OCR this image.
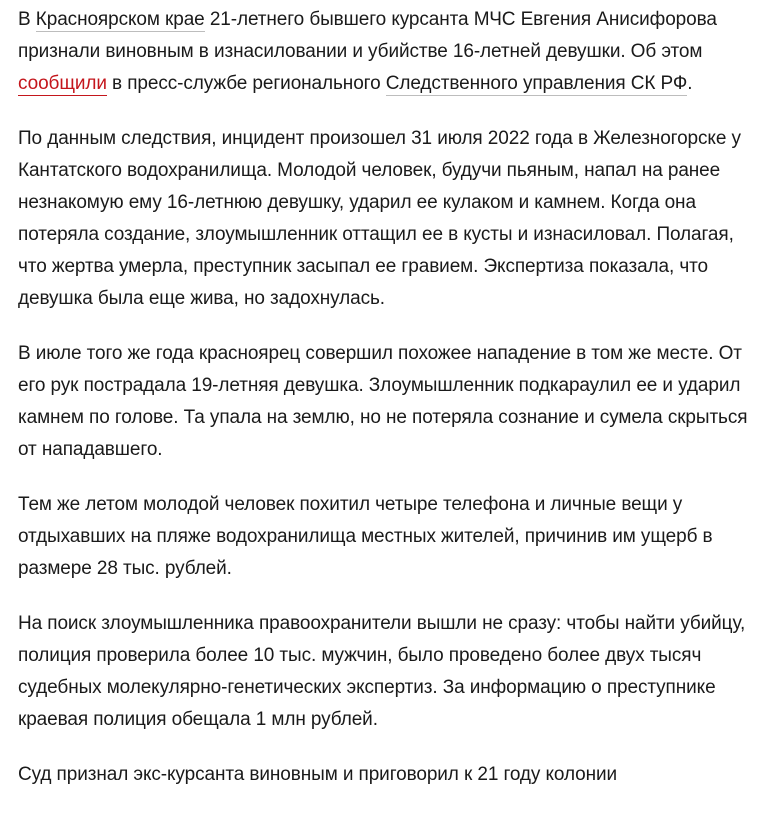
В Красноярском крае 21-летнего бывшего курсанта МЧС Евгения Анисифорова признали виновным в изнасиловании и убийстве 16-летней девушки. Об этом сообщили в пресс-службе регионального Следственного управления СК РФ.

По данным следствия, инцидент произошел 31 июля 2022 года в Железногорске у Кантатского водохранилища. Молодой человек, будучи пьяным, напал на ранее незнакомую ему 16-летнюю девушку, ударил ее кулаком и камнем. Когда она потеряла создание, злоумышленник оттащил ее в кусты и изнасиловал. Полагая, что жертва умерла, преступник засыпал ее гравием. Экспертиза показала, что девушка была еще жива, но задохнулась.

В июле того же года красноярец совершил похожее нападение в том же месте. От его рук пострадала 19-летняя девушка. Злоумышленник подкараулил ее и ударил камнем по голове. Та упала на землю, но не потеряла сознание и сумела скрыться от нападавшего.

Тем же летом молодой человек похитил четыре телефона и личные вещи у отдыхавших на пляже водохранилища местных жителей, причинив им ущерб в размере 28 тыс. рублей.

На поиск злоумышленника правоохранители вышли не сразу: чтобы найти убийцу, полиция проверила более 10 тыс. мужчин, было проведено более двух тысяч судебных молекулярно-генетических экспертиз. За информацию о преступнике краевая полиция обещала 1 млн рублей.

Суд признал экс-курсанта виновным и приговорил к 21 году колонии
